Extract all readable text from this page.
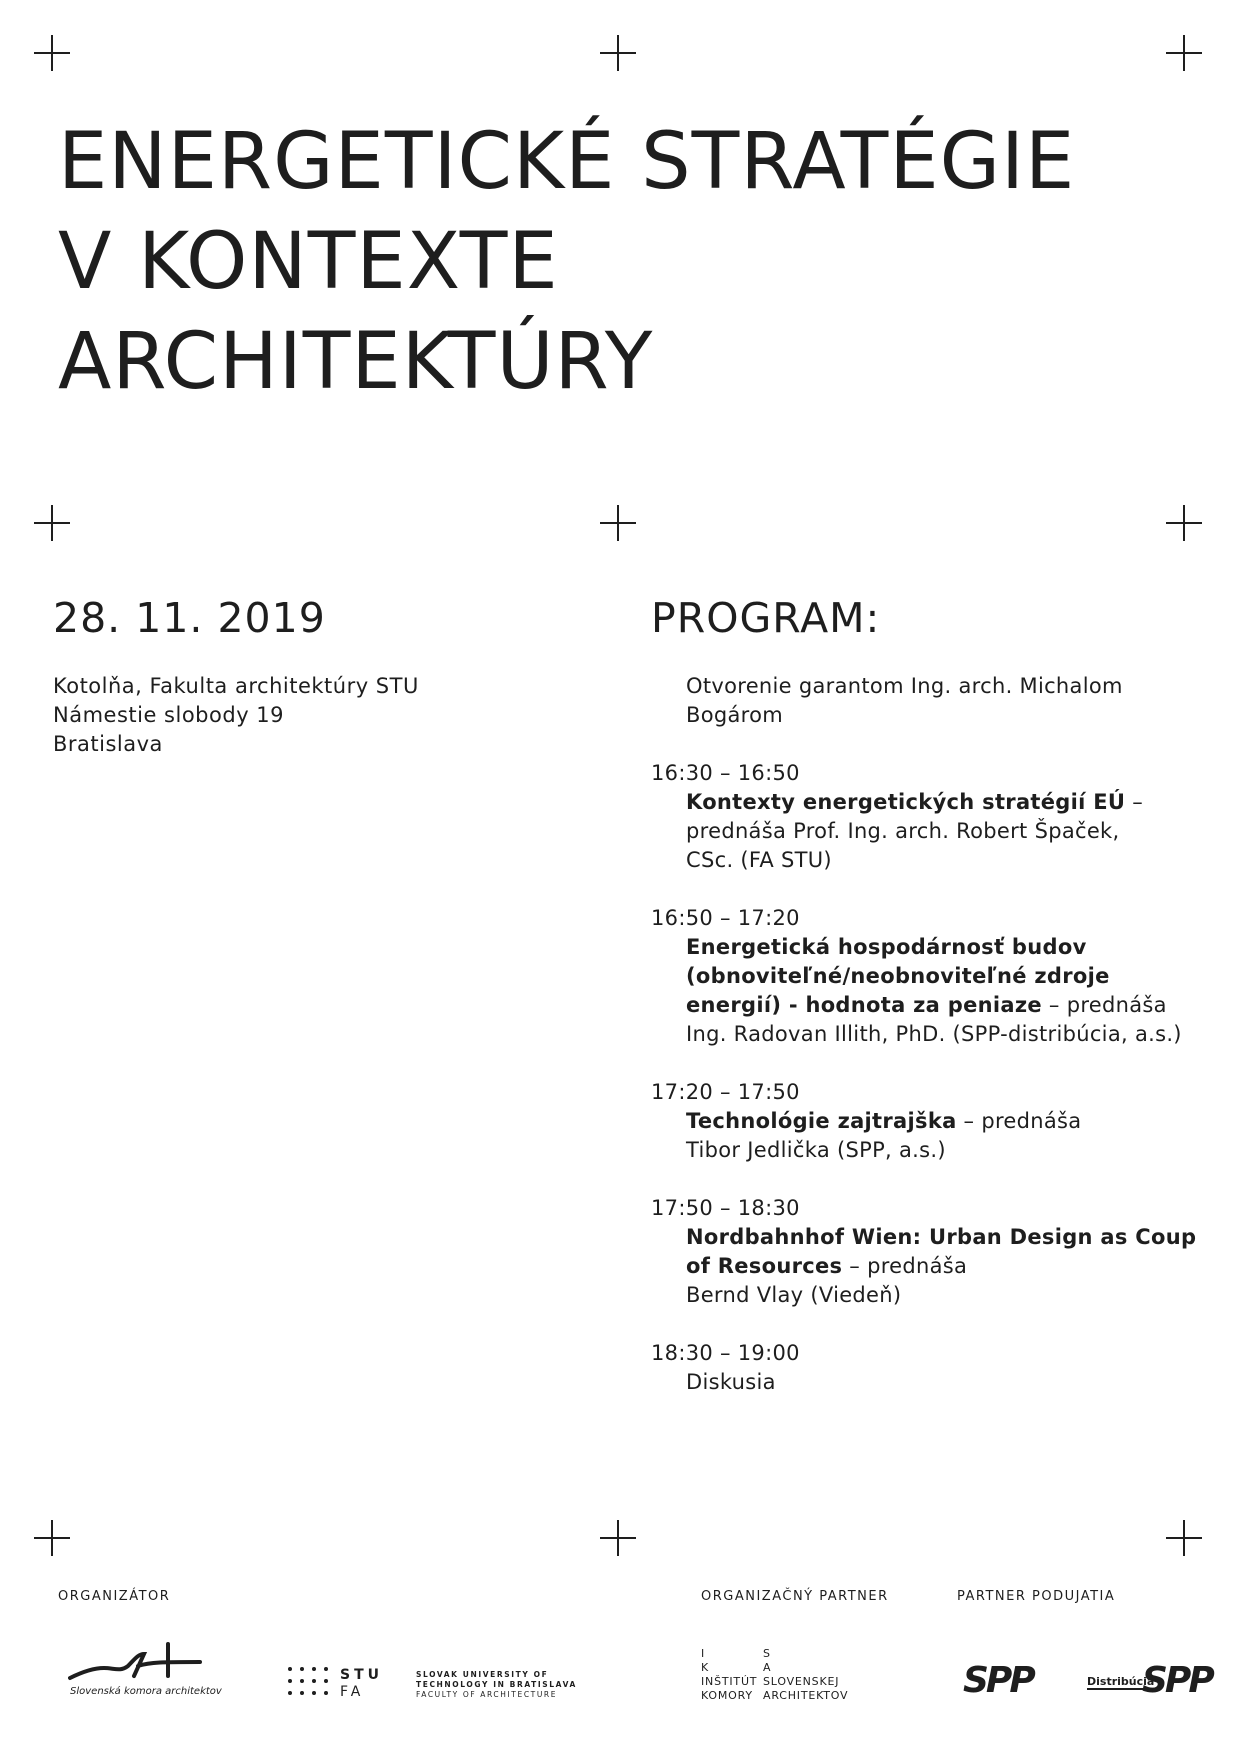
ENERGETICKÉ STRATÉGIE
V KONTEXTE
ARCHITEKTÚRY
28. 11. 2019
Kotolňa, Fakulta architektúry STU
Námestie slobody 19
Bratislava
PROGRAM:
Otvorenie garantom Ing. arch. Michalom
Bogárom
16:30 – 16:50
Kontexty energetických stratégií EÚ –
prednáša Prof. Ing. arch. Robert Špaček,
CSc. (FA STU)
16:50 – 17:20
Energetická hospodárnosť budov
(obnoviteľné/neobnoviteľné zdroje
energií) - hodnota za peniaze – prednáša
Ing. Radovan Illith, PhD. (SPP-distribúcia, a.s.)
17:20 – 17:50
Technológie zajtrajška – prednáša
Tibor Jedlička (SPP, a.s.)
17:50 – 18:30
Nordbahnhof Wien: Urban Design as Coup
of Resources – prednáša
Bernd Vlay (Viedeň)
18:30 – 19:00
Diskusia
ORGANIZÁTOR	ORGANIZAČNÝ PARTNER	PARTNER PODUJATIA
Slovenská komora architektov
STU
FA
SLOVAK UNIVERSITY OF
TECHNOLOGY IN BRATISLAVA
FACULTY OF ARCHITECTURE
I
K
INŠTITÚT
KOMORY
S
A
SLOVENSKEJ
ARCHITEKTOV	SPP	Distribúcia
SPP
